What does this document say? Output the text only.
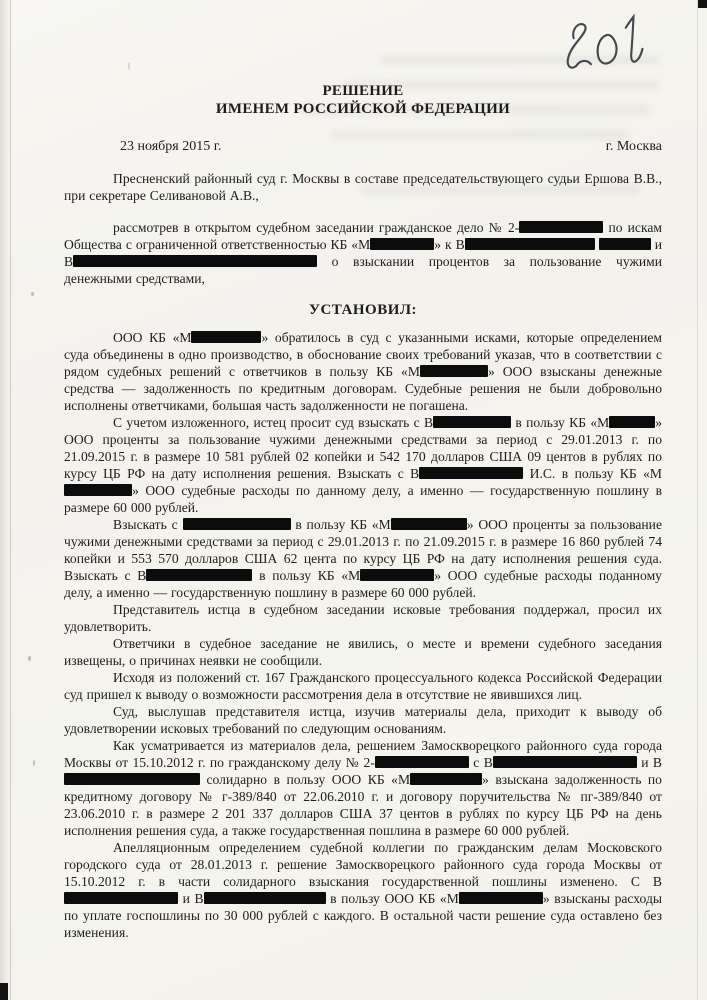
РЕШЕНИЕ
ИМЕНЕМ РОССИЙСКОЙ ФЕДЕРАЦИИ
23 ноября 2015 г.	г. Москва

Пресненский районный суд г. Москвы в составе председательствующего судьи Ершова В.В., при секретаре Селивановой А.В.,

рассмотрев в открытом судебном заседании гражданское дело № 2-	по искам Общества с ограниченной ответственностью КБ «М	» к В	и В	о взыскании процентов за пользование чужими денежными средствами,

УСТАНОВИЛ:

ООО КБ «М	» обратилось в суд с указанными исками, которые определением суда объединены в одно производство, в обоснование своих требований указав, что в соответствии с рядом судебных решений с ответчиков в пользу КБ «М	» ООО взысканы денежные средства — задолженность по кредитным договорам. Судебные решения не были добровольно исполнены ответчиками, большая часть задолженности не погашена.

С учетом изложенного, истец просит суд взыскать с В	в пользу КБ «М	» ООО проценты за пользование чужими денежными средствами за период с 29.01.2013 г. по 21.09.2015 г. в размере 10 581 рублей 02 копейки и 542 170 долларов США 09 центов в рублях по курсу ЦБ РФ на дату исполнения решения. Взыскать с В	И.С. в пользу КБ «М» ООО судебные расходы по данному делу, а именно — государственную пошлину в размере 60 000 рублей.

Взыскать с	в пользу КБ «М	» ООО проценты за пользование чужими денежными средствами за период с 29.01.2013 г. по 21.09.2015 г. в размере 16 860 рублей 74 копейки и 553 570 долларов США 62 цента по курсу ЦБ РФ на дату исполнения решения суда. Взыскать с В	в пользу КБ «М	» ООО судебные расходы поданному делу, а именно — государственную пошлину в размере 60 000 рублей.

Представитель истца в судебном заседании исковые требования поддержал, просил их удовлетворить.

Ответчики в судебное заседание не явились, о месте и времени судебного заседания извещены, о причинах неявки не сообщили.

Исходя из положений ст. 167 Гражданского процессуального кодекса Российской Федерации суд пришел к выводу о возможности рассмотрения дела в отсутствие не явившихся лиц.

Суд, выслушав представителя истца, изучив материалы дела, приходит к выводу об удовлетворении исковых требований по следующим основаниям.

Как усматривается из материалов дела, решением Замоскворецкого районного суда города Москвы от 15.10.2012 г. по гражданскому делу № 2-	с В	и В солидарно в пользу ООО КБ «М	» взыскана задолженность по кредитному договору № г-389/840 от 22.06.2010 г. и договору поручительства № пг-389/840 от 23.06.2010 г. в размере 2 201 337 долларов США 37 центов в рублях по курсу ЦБ РФ на день исполнения решения суда, а также государственная пошлина в размере 60 000 рублей.

Апелляционным определением судебной коллегии по гражданским делам Московского городского суда от 28.01.2013 г. решение Замоскворецкого районного суда города Москвы от 15.10.2012 г. в части солидарного взыскания государственной пошлины изменено. С В и В	в пользу ООО КБ «М	» взысканы расходы по уплате госпошлины по 30 000 рублей с каждого. В остальной части решение суда оставлено без изменения.
